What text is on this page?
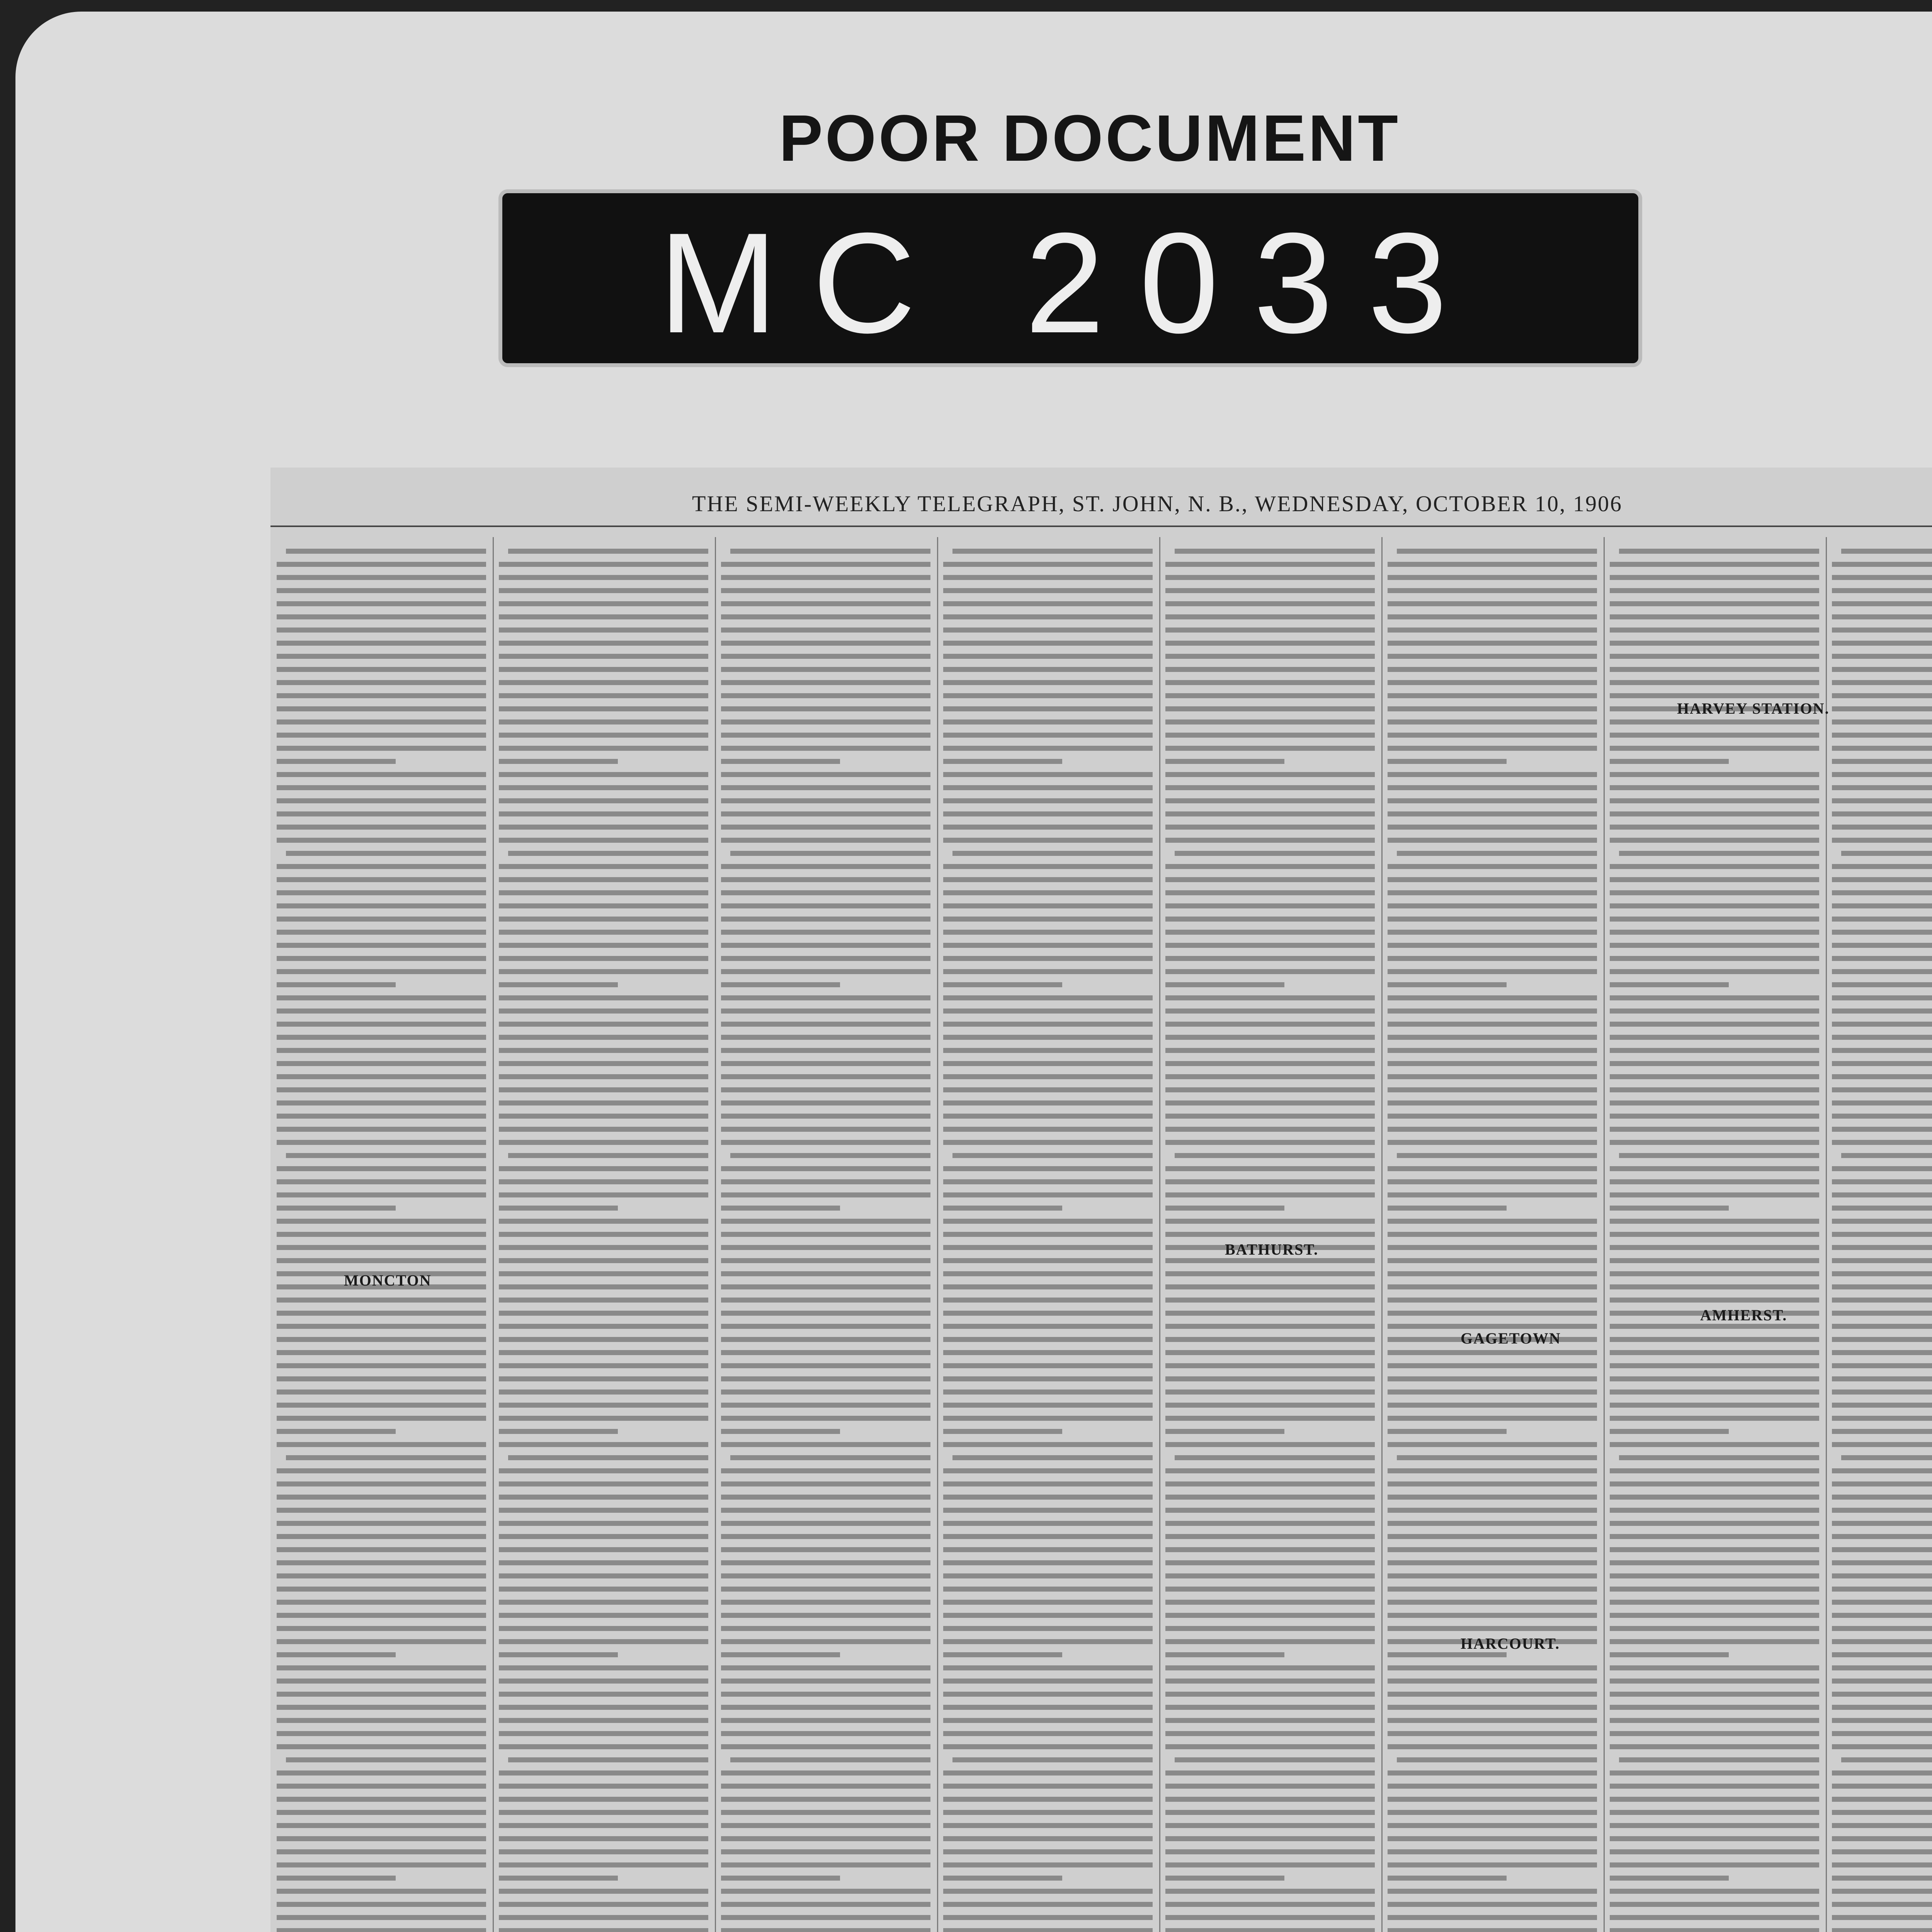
POOR DOCUMENT
MC 2033
THE SEMI-WEEKLY TELEGRAPH, ST. JOHN, N. B., WEDNESDAY, OCTOBER 10, 1906
MONCTON
BATHURST.
GAGETOWN
HARCOURT.
HARVEY STATION.
AMHERST.
